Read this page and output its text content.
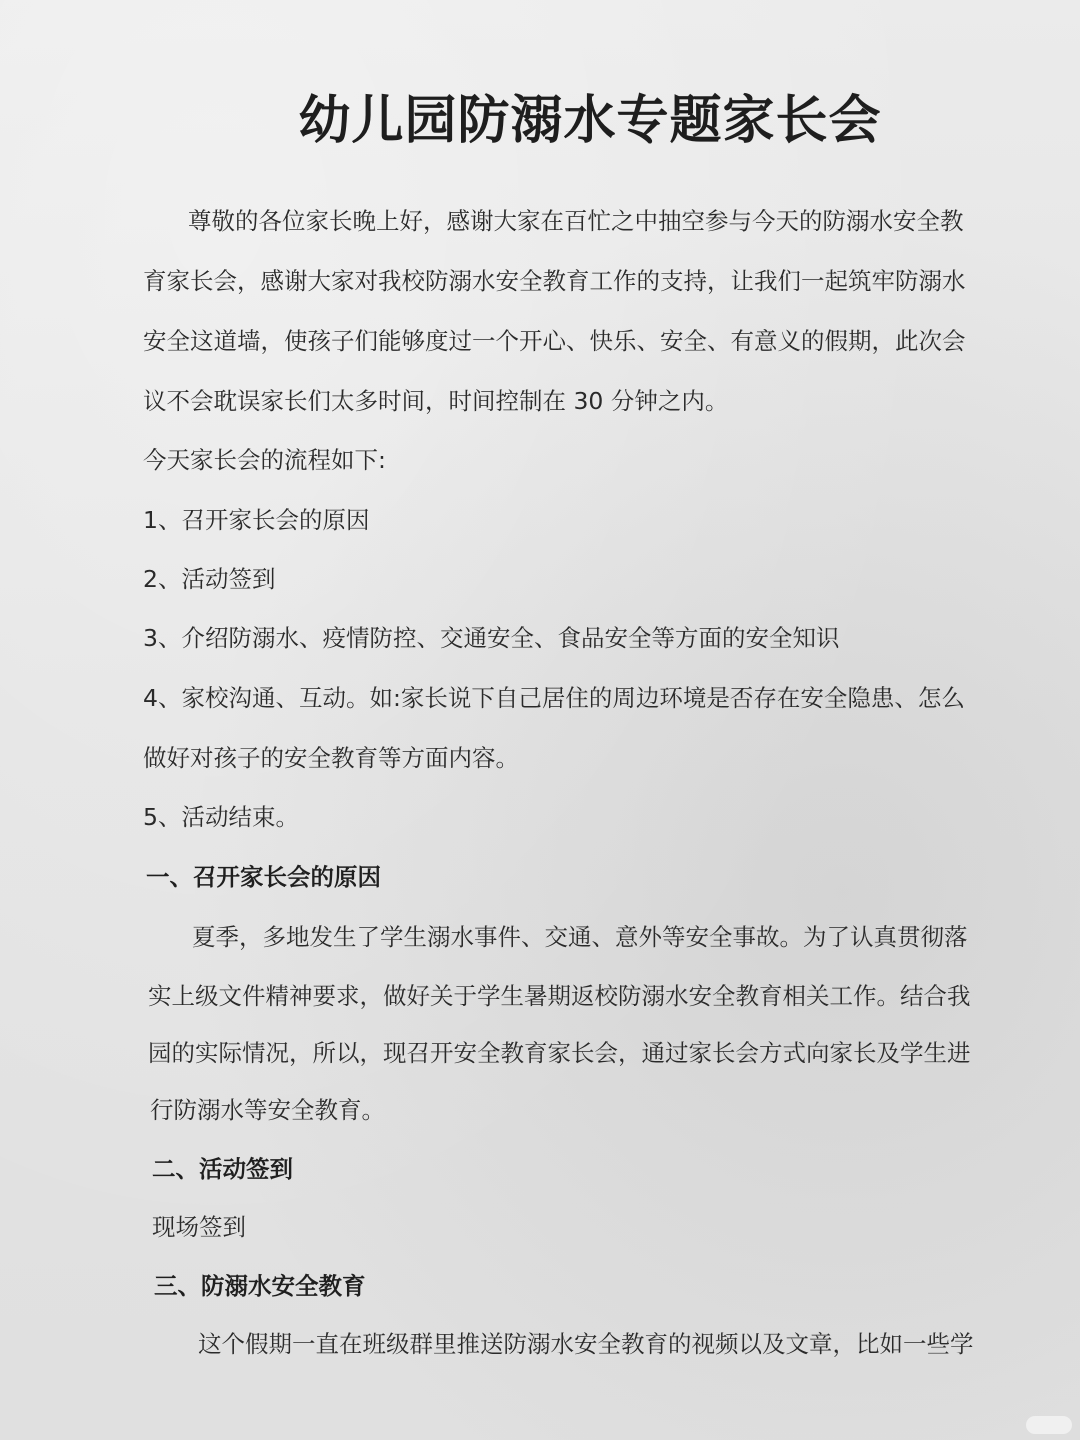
幼儿园防溺水专题家长会
尊敬的各位家长晚上好，感谢大家在百忙之中抽空参与今天的防溺水安全教
育家长会，感谢大家对我校防溺水安全教育工作的支持，让我们一起筑牢防溺水
安全这道墙，使孩子们能够度过一个开心、快乐、安全、有意义的假期，此次会
议不会耽误家长们太多时间，时间控制在 30 分钟之内。
今天家长会的流程如下:
1、召开家长会的原因
2、活动签到
3、介绍防溺水、疫情防控、交通安全、食品安全等方面的安全知识
4、家校沟通、互动。如:家长说下自己居住的周边环境是否存在安全隐患、怎么
做好对孩子的安全教育等方面内容。
5、活动结束。
一、召开家长会的原因
夏季，多地发生了学生溺水事件、交通、意外等安全事故。为了认真贯彻落
实上级文件精神要求，做好关于学生暑期返校防溺水安全教育相关工作。结合我
园的实际情况，所以，现召开安全教育家长会，通过家长会方式向家长及学生进
行防溺水等安全教育。
二、活动签到
现场签到
三、防溺水安全教育
这个假期一直在班级群里推送防溺水安全教育的视频以及文章，比如一些学
